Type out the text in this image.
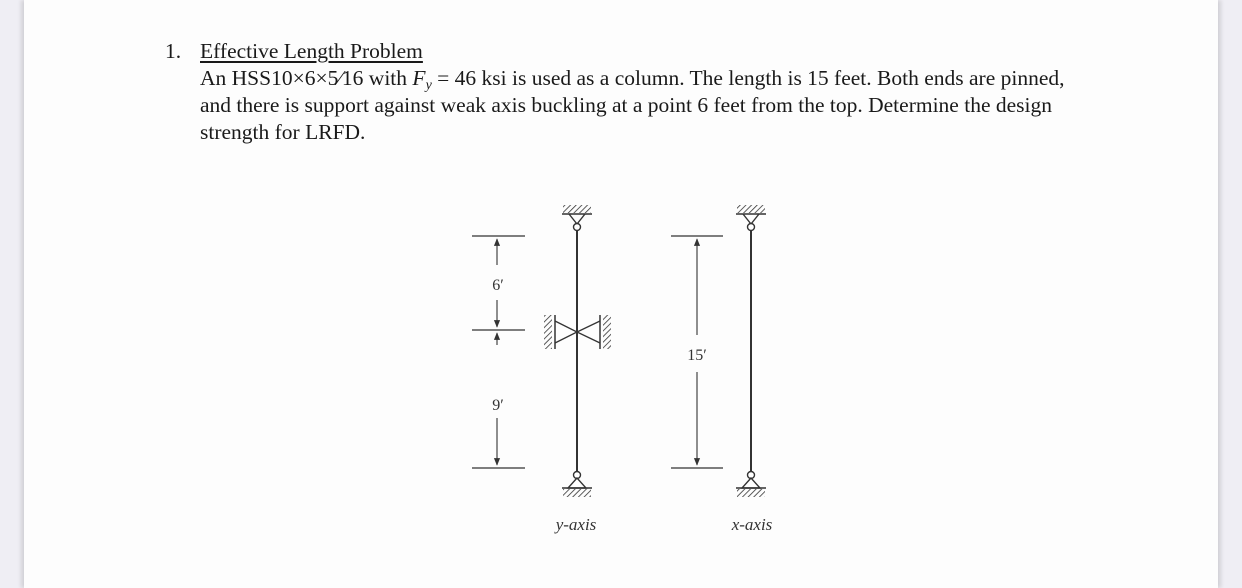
1. Effective Length Problem
An HSS10×6×5⁄16 with $F_y = 46$ ksi is used as a column. The length is 15 feet. Both ends are pinned, and there is support against weak axis buckling at a point 6 feet from the top. Determine the design strength for LRFD.
6′
9′
y-axis
15′
x-axis
